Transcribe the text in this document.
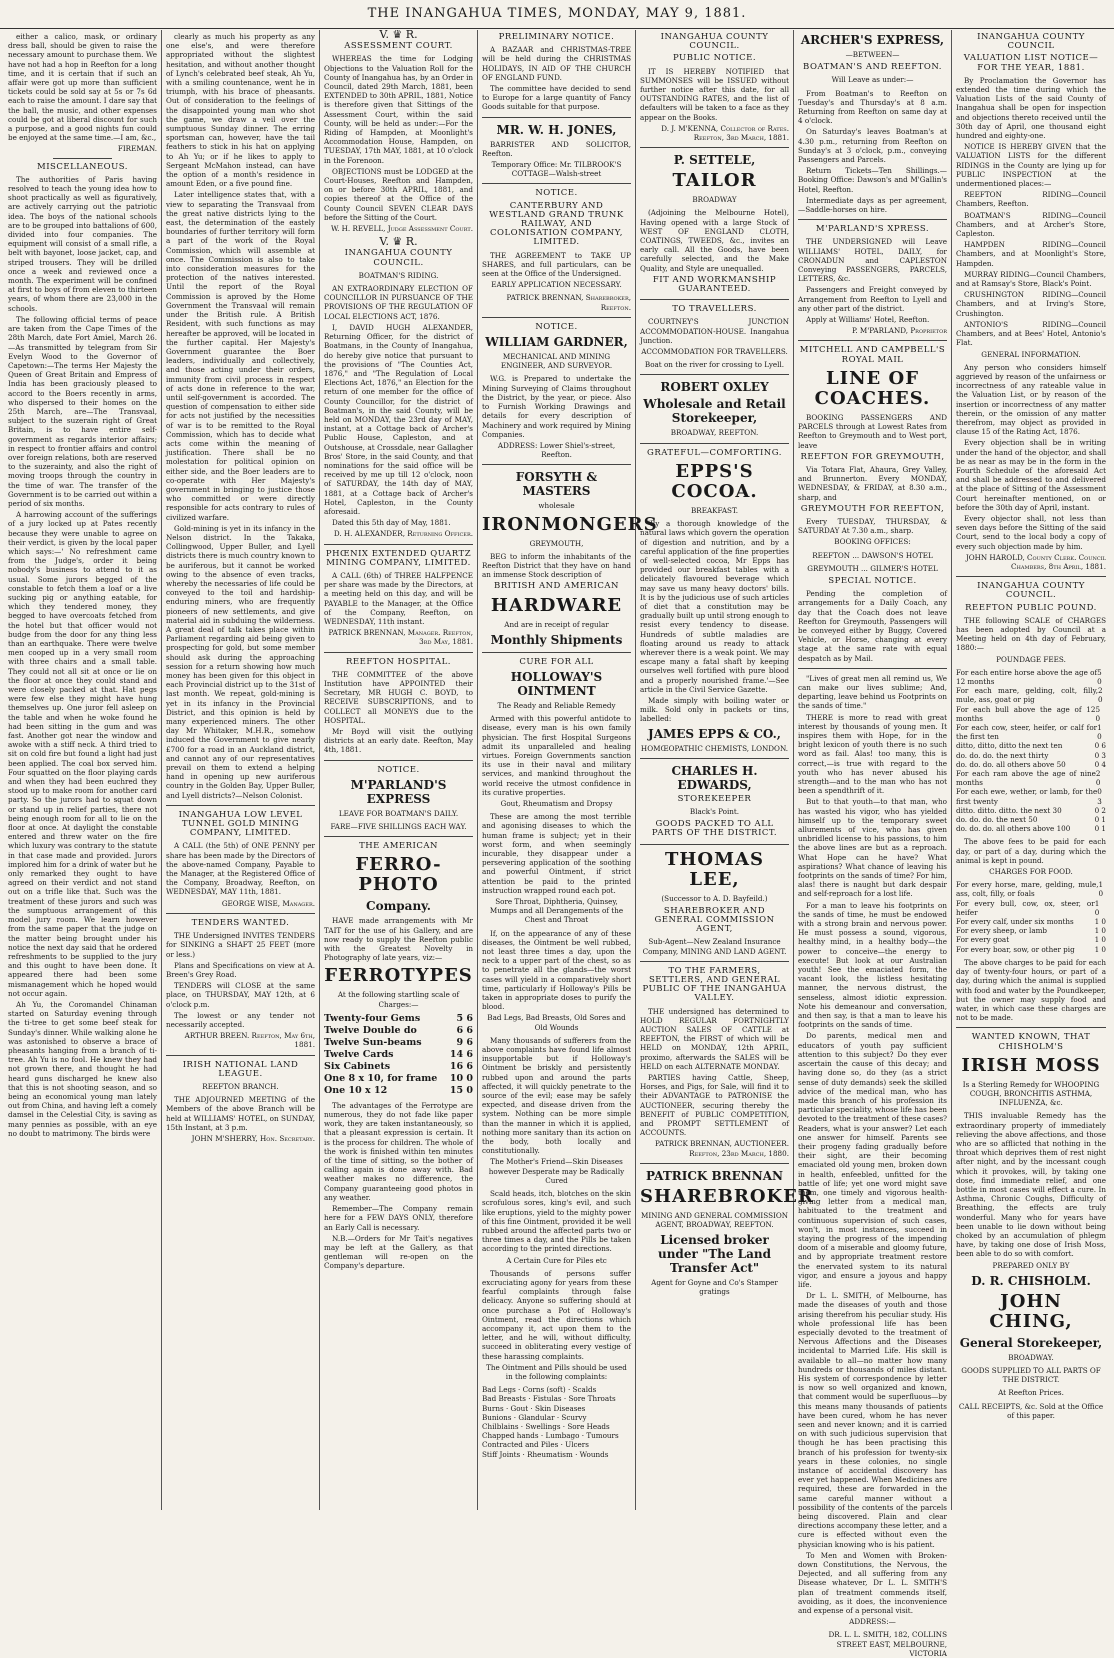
THE INANGAHUA TIMES, MONDAY, MAY 9, 1881.
either a calico, mask, or ordinary dress ball, should be given to raise the necessary amount to purchase them. We have not had a hop in Reefton for a long time, and it is certain that if such an affair were got up more than sufficient tickets could be sold say at 5s or 7s 6d each to raise the amount. I dare say that the ball, the music, and other expenses could be got at liberal discount for such a purpose, and a good nights fun could be enjoyed at the same time.—I am, &c.,
FIREMAN.
MISCELLANEOUS.
The authorities of Paris having resolved to teach the young idea how to shoot practically as well as figuratively, are actively carrying out the patriotic idea. The boys of the national schools are to be grouped into battalions of 600, divided into four companies. The equipment will consist of a small rifle, a belt with bayonet, loose jacket, cap, and striped trousers. They will be drilled once a week and reviewed once a month. The experiment will be confined at first to boys of from eleven to thirteen years, of whom there are 23,000 in the schools.
The following official terms of peace are taken from the Cape Times of the 28th March, date Fort Amiel, March 26.—As transmitted by telegram from Sir Evelyn Wood to the Governor of Capetown:—The terms Her Majesty the Queen of Great Britain and Empress of India has been graciously pleased to accord to the Boers recently in arms, who dispersed to their homes on the 25th March, are—The Transvaal, subject to the suzerain right of Great Britain, is to have entire self-government as regards interior affairs; in respect to frontier affairs and control over foreign relations, both are reserved to the suzerainty, and also the right of moving troops through the country in the time of war. The transfer of the Government is to be carried out within a period of six months.
A harrowing account of the sufferings of a jury locked up at Pates recently because they were unable to agree on their verdict, is given by the local paper which says:—' No refreshment came from the Judge's, order it being nobody's business to attend to it as usual. Some jurors begged of the constable to fetch them a loaf or a live sucking pig or anything eatable, for which they tendered money, they begged to have overcoats fetched from the hotel but that officer would not budge from the door for any thing less than an earthquake. There were twelve men cooped up in a very small room with three chairs and a small table. They could not all sit at once or lie on the floor at once they could stand and were closely packed at that. Hat pegs were few else they might have hung themselves up. One juror fell asleep on the table and when he woke found he had been sitting in the gum and was fast. Another got near the window and awoke with a stiff neck. A third tried to sit on cold fire but found a light had just been applied. The coal box served him. Four squatted on the floor playing cards and when they had been euchred they stood up to make room for another card party. So the jurors had to squat down or stand up in relief parties, there not being enough room for all to lie on the floor at once. At daylight the constable entered and threw water on the fire which luxury was contrary to the statute in that case made and provided. Jurors implored him for a drink of water but he only remarked they ought to have agreed on their verdict and not stand out on a trifle like that. Such was the treatment of these jurors and such was the sumptuous arrangement of this model jury room. We learn however from the same paper that the judge on the matter being brought under his notice the next day said that he ordered refreshments to be supplied to the jury and this ought to have been done. It appeared there had been some mismanagement which he hoped would not occur again.
Ah Yu, the Coromandel Chinaman started on Saturday evening through the ti-tree to get some beef steak for Sunday's dinner. While walking alone he was astonished to observe a brace of pheasants hanging from a branch of ti-tree. Ah Yu is no fool. He knew they had not grown there, and thought he had heard guns discharged he knew also that this is not shooting season, and so being an economical young man lately out from China, and having left a comely damsel in the Celestial City, is saving as many pennies as possible, with an eye no doubt to matrimony. The birds were
clearly as much his property as any one else's, and were therefore appropriated without the slightest hesitation, and without another thought of Lynch's celebrated beef steak, Ah Yu, with a smiling countenance, went he in triumph, with his brace of pheasants. Out of consideration to the feelings of the disappointed young man who shot the game, we draw a veil over the sumptuous Sunday dinner. The erring sportsman can, however, have the tail feathers to stick in his hat on applying to Ah Yu; or if he likes to apply to Sergeant McMahon instead, can have the option of a month's residence in amount Eden, or a five pound fine.
Later intelligence states that, with a view to separating the Transvaal from the great native districts lying to the east, the determination of the eastely boundaries of further territory will form a part of the work of the Royal Commission, which will assemble at once. The Commission is also to take into consideration measures for the protection of the natives interested. Until the report of the Royal Commission is aproved by the Home Government the Transvaal will remain under the British rule. A British Resident, with such functions as may hereafter be approved, will be located in the further capital. Her Majesty's Government guarantee the Boer leaders, individually and collectively, and those acting under their orders, immunity from civil process in respect of acts done in reference to the war, until self-government is accorded. The question of compensation to either side for acts not justified by the necessities of war is to be remitted to the Royal Commission, which has to decide what acts come within the meaning of justification. There shall be no molestation for political opinion on either side, and the Boer leaders are to co-operate with Her Majesty's government in bringing to justice those who committed or were directly responsible for acts contrary to rules of civilized warfare.
Gold-mining is yet in its infancy in the Nelson district. In the Takaka, Collingwood, Upper Buller, and Lyell districts there is much country known to be auriferous, but it cannot be worked owing to the absence of even tracks, whereby the necessaries of life could be conveyed to the toil and hardship-enduring miners, who are frequently pioneers of new settlements, and give material aid in subduing the wilderness. A great deal of talk takes place within Parliament regarding aid being given to prospecting for gold, but some member should ask during the approaching session for a return showing how much money has been given for this object in each Provincial district up to the 31st of last month. We repeat, gold-mining is yet in its infancy in the Provincial District, and this opinion is held by many experienced miners. The other day Mr Whitaker, M.H.R., somehow induced the Government to give nearly £700 for a road in an Auckland district, and cannot any of our representatives prevail on them to extend a helping hand in opening up new auriferous country in the Golden Bay, Upper Buller, and Lyell districts?—Nelson Colonist.
INANGAHUA LOW LEVEL TUNNEL GOLD MINING COMPANY, LIMITED.
A CALL (the 5th) of ONE PENNY per share has been made by the Directors of the above-named Company, Payable to the Manager, at the Registered Office of the Company, Broadway, Reefton, on WEDNESDAY, MAY 11th, 1881.
GEORGE WISE, Manager.
TENDERS WANTED.
THE Undersigned INVITES TENDERS for SINKING a SHAFT 25 FEET (more or less.)
Plans and Specifications on view at A. Breen's Grey Road.
TENDERS will CLOSE at the same place, on THURSDAY, MAY 12th, at 6 o'clock p.m.
The lowest or any tender not necessarily accepted.
ARTHUR BREEN. Reefton, May 6th, 1881.
IRISH NATIONAL LAND LEAGUE.
REEFTON BRANCH.
THE ADJOURNED MEETING of the Members of the above Branch will be held at WILLIAMS' HOTEL, on SUNDAY, 15th Instant, at 3 p.m.
JOHN M'SHERRY, Hon. Secretary.
V. ♛ R.
ASSESSMENT COURT.
WHEREAS the time for Lodging Objections to the Valuation Roll for the County of Inangahua has, by an Order in Council, dated 29th March, 1881, been EXTENDED to 30th APRIL, 1881, Notice is therefore given that Sittings of the Assessment Court, within the said County, will be held as under:—For the Riding of Hampden, at Moonlight's Accommodation House, Hampden, on TUESDAY, 17th MAY, 1881, at 10 o'clock in the Forenoon.
OBJECTIONS must be LODGED at the Court-Houses, Reefton and Hampden, on or before 30th APRIL, 1881, and copies thereof at the Office of the County Council SEVEN CLEAR DAYS before the Sitting of the Court.
W. H. REVELL, Judge Assessment Court.
V. ♛ R.
INANGAHUA COUNTY COUNCIL.
BOATMAN'S RIDING.
AN EXTRAORDINARY ELECTION OF COUNCILLOR IN PURSUANCE OF THE PROVISIONS OF THE REGULATION OF LOCAL ELECTIONS ACT, 1876.
I, DAVID HUGH ALEXANDER, Returning Officer, for the district of Boatmans, in the County of Inangahua, do hereby give notice that pursuant to the provisions of "The Counties Act, 1876," and "The Regulation of Local Elections Act, 1876," an Election for the return of one member for the office of County Councillor, for the district of Boatman's, in the said County, will be held on MONDAY, the 23rd day of MAY, instant, at a Cottage back of Archer's Public House, Capleston, and at Outshouse, at Crossdale, near Gallagher Bros' Store, in the said County, and that nominations for the said office will be received by me up till 12 o'clock, noon of SATURDAY, the 14th day of MAY, 1881, at a Cottage back of Archer's Hotel, Capleston, in the County aforesaid.
Dated this 5th day of May, 1881.
D. H. ALEXANDER, Returning Officer.
PHŒNIX EXTENDED QUARTZ MINING COMPANY, LIMITED.
A CALL (6th) of THREE HALFPENCE per share was made by the Directors, at a meeting held on this day, and will be PAYABLE to the Manager, at the Office of the Company, Reefton, on WEDNESDAY, 11th instant.
PATRICK BRENNAN, Manager. Reefton, 3rd May, 1881.
REEFTON HOSPITAL.
THE COMMITTEE of the above Institution have APPOINTED their Secretary, MR HUGH C. BOYD, to RECEIVE SUBSCRIPTIONS, and to COLLECT all MONEYS due to the HOSPITAL.
Mr Boyd will visit the outlying districts at an early date. Reefton, May 4th, 1881.
NOTICE.
M'PARLAND'S EXPRESS
LEAVE FOR BOATMAN'S DAILY.
FARE—FIVE SHILLINGS EACH WAY.
THE AMERICAN
FERRO-PHOTO
Company.
HAVE made arrangements with Mr TAIT for the use of his Gallery, and are now ready to supply the Reefton public with the Greatest Novelty in Photography of late years, viz:—
FERROTYPES
At the following startling scale of Charges:—
Twenty-four Gems	5 6
Twelve Double do	6 6
Twelve Sun-beams	9 6
Twelve Cards	14 6
Six Cabinets	16 6
One 8 x 10, for frame 10 0
One 10 x 12	15 0
The advantages of the Ferrotype are numerous, they do not fade like paper work, they are taken instantaneously, so that a pleasant expression is certain. It is the process for children. The whole of the work is finished within ten minutes of the time of sitting, so the bother of calling again is done away with. Bad weather makes no difference, the Company guaranteeing good photos in any weather.
Remember—The Company remain here for a FEW DAYS ONLY, therefore an Early Call is necessary.
N.B.—Orders for Mr Tait's negatives may be left at the Gallery, as that gentleman will re-open on the Company's departure.
PRELIMINARY NOTICE.
A BAZAAR and CHRISTMAS-TREE will be held during the CHRISTMAS HOLIDAYS, IN AID OF THE CHURCH OF ENGLAND FUND.
The committee have decided to send to Europe for a large quantity of Fancy Goods suitable for that purpose.
MR. W. H. JONES,
BARRISTER AND SOLICITOR, Reefton.
Temporary Office: Mr. TILBROOK'S COTTAGE—Walsh-street
NOTICE.
CANTERBURY AND WESTLAND GRAND TRUNK RAILWAY, AND COLONISATION COMPANY, LIMITED.
THE AGREEMENT to TAKE UP SHARES, and full particulars, can be seen at the Office of the Undersigned.
EARLY APPLICATION NECESSARY.
PATRICK BRENNAN, Sharebroker, Reefton.
NOTICE.
WILLIAM GARDNER,
MECHANICAL AND MINING ENGINEER, AND SURVEYOR.
W.G. is Prepared to undertake the Mining Surveying of Claims throughout the District, by the year, or piece. Also to Furnish Working Drawings and details for every description of Machinery and work required by Mining Companies.
ADDRESS: Lower Shiel's-street, Reefton.
FORSYTH & MASTERS
wholesale
IRONMONGERS
GREYMOUTH,
BEG to inform the inhabitants of the Reefton District that they have on hand an immense Stock description of
BRITISH AND AMERICAN
HARDWARE
And are in receipt of regular
Monthly Shipments
CURE FOR ALL
HOLLOWAY'S OINTMENT
The Ready and Reliable Remedy
Armed with this powerful antidote to disease, every man is his own family physician. The first Hospital Surgeons admit its unparalleled and healing virtues. Foreign Governments sanction its use in their naval and military services, and mankind throughout the world receive the utmost confidence in its curative properties.
Gout, Rheumatism and Dropsy
These are among the most terrible and agonising diseases to which the human frame is subject; yet in their worst form, and when seemingly incurable, they disappear under a persevering application of the soothing and powerful Ointment, if strict attention be paid to the printed instruction wrapped round each pot.
Sore Throat, Diphtheria, Quinsey, Mumps and all Derangements of the Chest and Throat
If, on the appearance of any of these diseases, the Ointment be well rubbed, not least three times a day, upon the neck to a upper part of the chest, so as to penetrate all the glands—the worst cases will yield in a comparatively short time, particularly if Holloway's Pills be taken in appropriate doses to purify the blood.
Bad Legs, Bad Breasts, Old Sores and Old Wounds
Many thousands of sufferers from the above complaints have found life almost insupportable but if Holloway's Ointment be briskly and persistently rubbed upon and around the parts affected, it will quickly penetrate to the source of the evil; ease may be safely expected, and disease driven from the system. Nothing can be more simple than the manner in which it is applied, nothing more sanitary than its action on the body, both locally and constitutionally.
The Mother's Friend—Skin Diseases however Desperate may be Radically Cured
Scald heads, itch, blotches on the skin scrofulous sores, king's evil, and such like eruptions, yield to the mighty power of this fine Ointment, provided it be well rubbed around the affected parts two or three times a day, and the Pills be taken according to the printed directions.
A Certain Cure for Piles etc
Thousands of persons suffer excruciating agony for years from these fearful complaints through false delicacy. Anyone so suffering should at once purchase a Pot of Holloway's Ointment, read the directions which accompany it, act upon them to the letter, and he will, without difficulty, succeed in obliterating every vestige of these harassing complaints.
The Ointment and Pills should be used in the following complaints:
Bad Legs · Corns (soft) · Scalds
Bad Breasts · Fistulas · Sore Throats
Burns · Gout · Skin Diseases
Bunions · Glandular · Scurvy
Chilblains · Swellings · Sore Heads
Chapped hands · Lumbago · Tumours
Contracted and Piles · Ulcers
Stiff Joints · Rheumatism · Wounds
INANGAHUA COUNTY COUNCIL.
PUBLIC NOTICE.
IT IS HEREBY NOTIFIED that SUMMONSES will be ISSUED without further notice after this date, for all OUTSTANDING RATES, and the list of defaulters will be taken to a face as they appear on the Books.
D. J. M'KENNA, Collector of Rates. Reefton, 3rd March, 1881.
P. SETTELE,
TAILOR
BROADWAY
(Adjoining the Melbourne Hotel), Having opened with a large Stock of WEST OF ENGLAND CLOTH, COATINGS, TWEEDS, &c., invites an early call. All the Goods, have been carefully selected, and the Make Quality, and Style are unequalled.
FIT AND WORKMANSHIP GUARANTEED.
TO TRAVELLERS.
COURTNEY'S JUNCTION ACCOMMODATION-HOUSE. Inangahua Junction.
ACCOMMODATION FOR TRAVELLERS.
Boat on the river for crossing to Lyell.
ROBERT OXLEY
Wholesale and Retail Storekeeper,
BROADWAY, REEFTON.
GRATEFUL—COMFORTING.
EPPS'S COCOA.
BREAKFAST.
'By a thorough knowledge of the natural laws which govern the operation of digestion and nutrition, and by a careful application of the fine properties of well-selected cocoa, Mr Epps has provided our breakfast tables with a delicately flavoured beverage which may save us many heavy doctors' bills. It is by the judicious use of such articles of diet that a constitution may be gradually built up until strong enough to resist every tendency to disease. Hundreds of subtle maladies are floating around us ready to attack wherever there is a weak point. We may escape many a fatal shaft by keeping ourselves well fortified with pure blood and a properly nourished frame.'—See article in the Civil Service Gazette.
Made simply with boiling water or milk. Sold only in packets or tins, labelled:
JAMES EPPS & CO.,
HOMŒOPATHIC CHEMISTS, LONDON.
CHARLES H. EDWARDS,
STOREKEEPER
Black's Point.
GOODS PACKED TO ALL PARTS OF THE DISTRICT.
THOMAS LEE,
(Successor to A. D. Bayfeild.)
SHAREBROKER AND GENERAL COMMISSION AGENT,
Sub-Agent—New Zealand Insurance Company, MINING AND LAND AGENT.
TO THE FARMERS, SETTLERS, AND GENERAL PUBLIC OF THE INANGAHUA VALLEY.
THE undersigned has determined to HOLD REGULAR FORTNIGHTLY AUCTION SALES OF CATTLE at REEFTON, the FIRST of which will be HELD on MONDAY, 12th APRIL, proximo, afterwards the SALES will be HELD on each ALTERNATE MONDAY.
PARTIES having Cattle, Sheep, Horses, and Pigs, for Sale, will find it to their ADVANTAGE to PATRONISE the AUCTIONEER, securing thereby the BENEFIT of PUBLIC COMPETITION, and PROMPT SETTLEMENT of ACCOUNTS.
PATRICK BRENNAN, AUCTIONEER. Reefton, 23rd March, 1880.
PATRICK BRENNAN
SHAREBROKER
MINING AND GENERAL COMMISSION AGENT, BROADWAY, REEFTON.
Licensed broker under "The Land Transfer Act"
Agent for Goyne and Co's Stamper gratings
ARCHER'S EXPRESS,
—BETWEEN—
BOATMAN'S AND REEFTON.
Will Leave as under:—
From Boatman's to Reefton on Tuesday's and Thursday's at 8 a.m. Returning from Reefton on same day at 4 o'clock.
On Saturday's leaves Boatman's at 4.30 p.m., returning from Reefton on Sunday's at 3 o'clock, p.m., conveying Passengers and Parcels.
Return Tickets—Ten Shillings.—Booking Office: Dawson's and M'Gallin's Hotel, Reefton.
Intermediate days as per agreement,—Saddle-horses on hire.
M'PARLAND'S XPRESS.
THE UNDERSIGNED will Leave WILLIAMS' HOTEL, DAILY, for CRONADUN and CAPLESTON Conveying PASSENGERS, PARCELS, LETTERS, &c.
Passengers and Freight conveyed by Arrangement from Reefton to Lyell and any other part of the district.
Apply at Williams' Hotel, Reefton.
P. M'PARLAND, Proprietor
MITCHELL AND CAMPBELL'S ROYAL MAIL
LINE OF COACHES.
BOOKING PASSENGERS AND PARCELS through at Lowest Rates from Reefton to Greymouth and to West port, leave
REEFTON FOR GREYMOUTH,
Via Totara Flat, Ahaura, Grey Valley, and Brunnerton. Every MONDAY, WEDNESDAY, & FRIDAY, at 8.30 a.m., sharp, and
GREYMOUTH FOR REEFTON,
Every TUESDAY, THURSDAY, & SATURDAY At 7.30 a.m., sharp.
BOOKING OFFICES:
REEFTON ... DAWSON'S HOTEL
GREYMOUTH ... GILMER'S HOTEL
SPECIAL NOTICE.
Pending the completion of arrangements for a Daily Coach, any day that the Coach does not leave Reefton for Greymouth, Passengers will be conveyed either by Buggy, Covered Vehicle, or Horse, changing at every stage at the same rate with equal despatch as by Mail.
"Lives of great men all remind us, We can make our lives sublime; And, departing, leave behind us Footprints on the sands of time."
THERE is more to read with great interest by thousands of young men. It inspires them with Hope, for in the bright lexicon of youth there is no such word as fail. Alas! too many, this is correct,—is true with regard to the youth who has never abused his strength—and to the man who has not been a spendthrift of it.
But to that youth—to that man, who has wasted his vigor, who has yielded himself up to the temporary sweet allurements of vice, who has given unbridled license to his passions, to him the above lines are but as a reproach. What Hope can he have? What aspirations? What chance of leaving his footprints on the sands of time? For him, alas! there is naught but dark despair and self-reproach for a lost life.
For a man to leave his footprints on the sands of time, he must be endowed with a strong brain and nervous power. He must possess a sound, vigorous, healthy mind, in a healthy body—the power to conceive—the energy to execute! But look at our Australian youth! See the emaciated form, the vacant look, the listless hesitating manner, the nervous distrust, the senseless, almost idiotic expression. Note his demeanour and conversation, and then say, is that a man to leave his footprints on the sands of time.
Do parents, medical men and educators of youth pay sufficient attention to this subject? Do they ever ascertain the cause of this decay; and having done so, do they (as a strict sense of duty demands) seek the skilled advice of the medical man, who has made this branch of his profession its particular speciality, whose life has been devoted to the treatment of these cases? Readers, what is your answer? Let each one answer for himself. Parents see their progeny fading gradually before their sight, are their becoming emaciated old young men, broken down in health, enfeebled, unfitted for the battle of life; yet one word might save them, one timely and vigorous health-giving letter from a medical man, habituated to the treatment and continuous supervision of such cases, won't, in most instances, succeed in staying the progress of the impending doom of a miserable and gloomy future, and by appropriate treatment restore the enervated system to its natural vigor, and ensure a joyous and happy life.
Dr L. L. SMITH, of Melbourne, has made the diseases of youth and those arising therefrom his peculiar study. His whole professional life has been especially devoted to the treatment of Nervous Affections and the Diseases incidental to Married Life. His skill is available to all—no matter how many hundreds or thousands of miles distant. His system of correspondence by letter is now so well organized and known, that comment would be superfluous—by this means many thousands of patients have been cured, whom he has never seen and never known; and it is carried on with such judicious supervision that though he has been practising this branch of his profession for twenty-six years in these colonies, no single instance of accidental discovery has ever yet happened. When Medicines are required, these are forwarded in the same careful manner without a possibility of the contents of the parcels being discovered. Plain and clear directions accompany these letter, and a cure is effected without even the physician knowing who is his patient.
To Men and Women with Broken-down Constitutions, the Nervous, the Dejected, and all suffering from any Disease whatever, Dr L. L. SMITH'S plan of treatment commends itself, avoiding, as it does, the inconvenience and expense of a personal visit.
ADDRESS:—
DR. L. L. SMITH, 182, COLLINS STREET EAST, MELBOURNE, VICTORIA
INANGAHUA COUNTY COUNCIL
VALUATION LIST NOTICE—FOR THE YEAR, 1881.
By Proclamation the Governor has extended the time during which the Valuation Lists of the said County of Inangahua shall be open for inspection and objections thereto received until the 30th day of April, one thousand eight hundred and eighty-one.
NOTICE IS HEREBY GIVEN that the VALUATION LISTS for the different RIDINGS in the County are lying up for PUBLIC INSPECTION at the undermentioned places:—
REEFTON RIDING—Council Chambers, Reefton.
BOATMAN'S RIDING—Council Chambers, and at Archer's Store, Capleston.
HAMPDEN RIDING—Council Chambers, and at Moonlight's Store, Hampden.
MURRAY RIDING—Council Chambers, and at Ramsay's Store, Black's Point.
CRUSHINGTON RIDING—Council Chambers, and at Irving's Store, Crushington.
ANTONIO'S RIDING—Council Chambers, and at Bees' Hotel, Antonio's Flat.
GENERAL INFORMATION.
Any person who considers himself aggrieved by reason of the unfairness or incorrectness of any rateable value in the Valuation List, or by reason of the insertion or incorrectness of any matter therein, or the omission of any matter therefrom, may object as provided in clause 15 of the Rating Act, 1876.
Every objection shall be in writing under the hand of the objector, and shall be as near as may be in the form in the Fourth Schedule of the aforesaid Act and shall be addressed to and delivered at the place of Sitting of the Assessment Court hereinafter mentioned, on or before the 30th day of April, instant.
Every objector shall, not less than seven days before the Sitting of the said Court, send to the local body a copy of every such objection made by him.
JOHN HAROLD, County Clerk. Council Chambers, 8th April, 1881.
INANGAHUA COUNTY COUNCIL.
REEFTON PUBLIC POUND.
THE following SCALE of CHARGES has been adopted by Council at a Meeting held on 4th day of February, 1880:—
POUNDAGE FEES.
For each entire horse above the age of 12 months
5 0
For each mare, gelding, colt, filly, mule, ass, goat or pig
2 0
For each bull above the age of 12 months
5 0
For each cow, steer, heifer, or calf for the first ten
1 0
ditto, ditto, ditto the next ten	0 6
do. do. do. the next thirty	0 3
do. do. do. all others above 50	0 4
For each ram above the age of nine months
2 0
For each ewe, wether, or lamb, for the first twenty
0 3
ditto. ditto. ditto. the next 30	0 2
do. do. do. the next 50	0 1
do. do. do. all others above 100	0 1
The above fees to be paid for each day, or part of a day, during which the animal is kept in pound.
CHARGES FOR FOOD.
For every horse, mare, gelding, mule, ass, colt, filly, or foals
1 0
For every bull, cow, ox, steer, or heifer
1 0
For every calf, under six months	1 0
For every sheep, or lamb	1 0
For every goat	1 0
For every boar, sow, or other pig	1 0
The above charges to be paid for each day of twenty-four hours, or part of a day, during which the animal is supplied with food and water by the Poundkeeper, but the owner may supply food and water, in which case these charges are not to be made.
WANTED KNOWN, THAT CHISHOLM'S
IRISH MOSS
Is a Sterling Remedy for WHOOPING COUGH, BRONCHITIS ASTHMA, INFLUENZA, &c.
THIS invaluable Remedy has the extraordinary property of immediately relieving the above affections, and those who are so afflicted that nothing in the throat which deprives them of rest night after night, and by the incessant cough which it provokes, will, by taking one dose, find immediate relief, and one bottle in most cases will effect a cure. In Asthma, Chronic Coughs, Difficulty of Breathing, the effects are truly wonderful. Many who for years have been unable to lie down without being choked by an accumulation of phlegm have, by taking one dose of Irish Moss, been able to do so with comfort.
PREPARED ONLY BY
D. R. CHISHOLM.
JOHN CHING,
General Storekeeper,
BROADWAY.
GOODS SUPPLIED TO ALL PARTS OF THE DISTRICT.
At Reefton Prices.
CALL RECEIPTS, &c. Sold at the Office of this paper.
